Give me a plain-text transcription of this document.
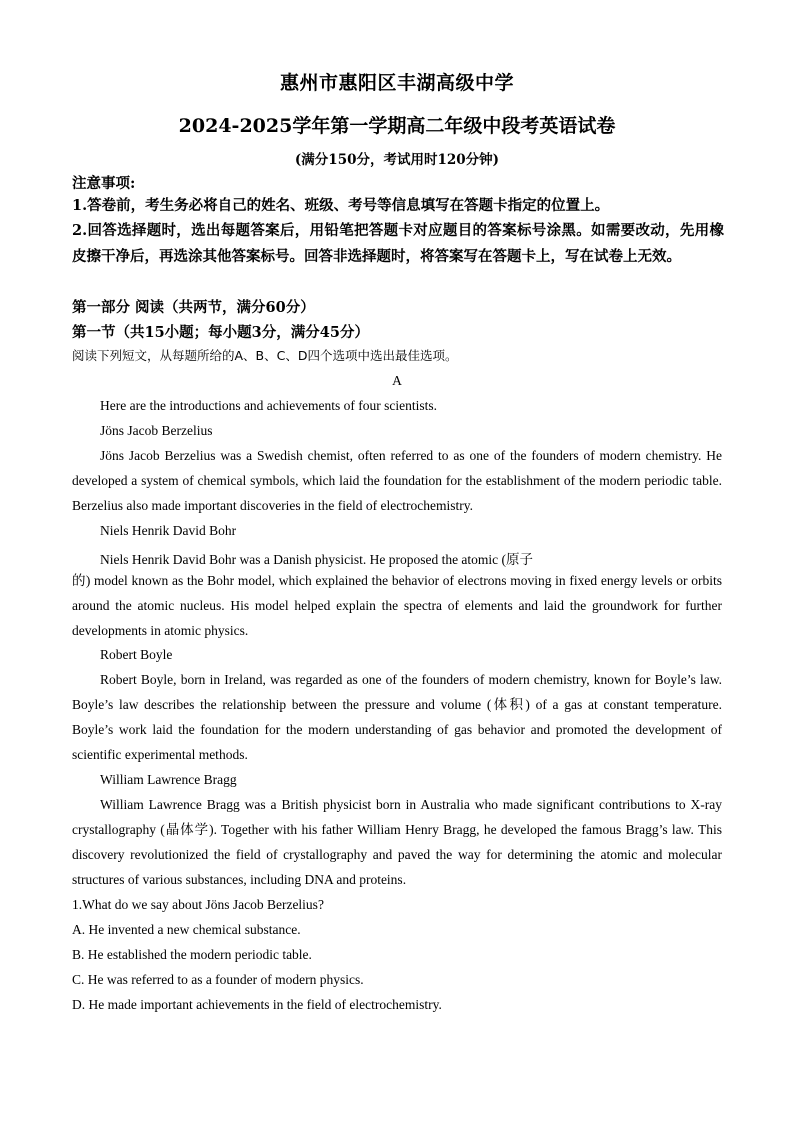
惠州市惠阳区丰湖高级中学
2024-2025学年第一学期高二年级中段考英语试卷
(满分150分，考试用时120分钟)
注意事项:
1.答卷前，考生务必将自己的姓名、班级、考号等信息填写在答题卡指定的位置上。
2.回答选择题时，选出每题答案后，用铅笔把答题卡对应题目的答案标号涂黑。如需要改动，先用橡皮擦干净后，再选涂其他答案标号。回答非选择题时，将答案写在答题卡上，写在试卷上无效。
第一部分 阅读（共两节，满分60分）
第一节（共15小题；每小题3分，满分45分）
阅读下列短文，从每题所给的A、B、C、D四个选项中选出最佳选项。
A
Here are the introductions and achievements of four scientists.
Jöns Jacob Berzelius
Jöns Jacob Berzelius was a Swedish chemist, often referred to as one of the founders of modern chemistry. He developed a system of chemical symbols, which laid the foundation for the establishment of the modern periodic table. Berzelius also made important discoveries in the field of electrochemistry.
Niels Henrik David Bohr
Niels Henrik David Bohr was a Danish physicist. He proposed the atomic (原子
的) model known as the Bohr model, which explained the behavior of electrons moving in fixed energy levels or orbits around the atomic nucleus. His model helped explain the spectra of elements and laid the groundwork for further developments in atomic physics.
Robert Boyle
Robert Boyle, born in Ireland, was regarded as one of the founders of modern chemistry, known for Boyle’s law. Boyle’s law describes the relationship between the pressure and volume (体积) of a gas at constant temperature. Boyle’s work laid the foundation for the modern understanding of gas behavior and promoted the development of scientific experimental methods.
William Lawrence Bragg
William Lawrence Bragg was a British physicist born in Australia who made significant contributions to X-ray crystallography (晶体学). Together with his father William Henry Bragg, he developed the famous Bragg’s law. This discovery revolutionized the field of crystallography and paved the way for determining the atomic and molecular structures of various substances, including DNA and proteins.
1.What do we say about Jöns Jacob Berzelius?
A. He invented a new chemical substance.
B. He established the modern periodic table.
C. He was referred to as a founder of modern physics.
D. He made important achievements in the field of electrochemistry.
